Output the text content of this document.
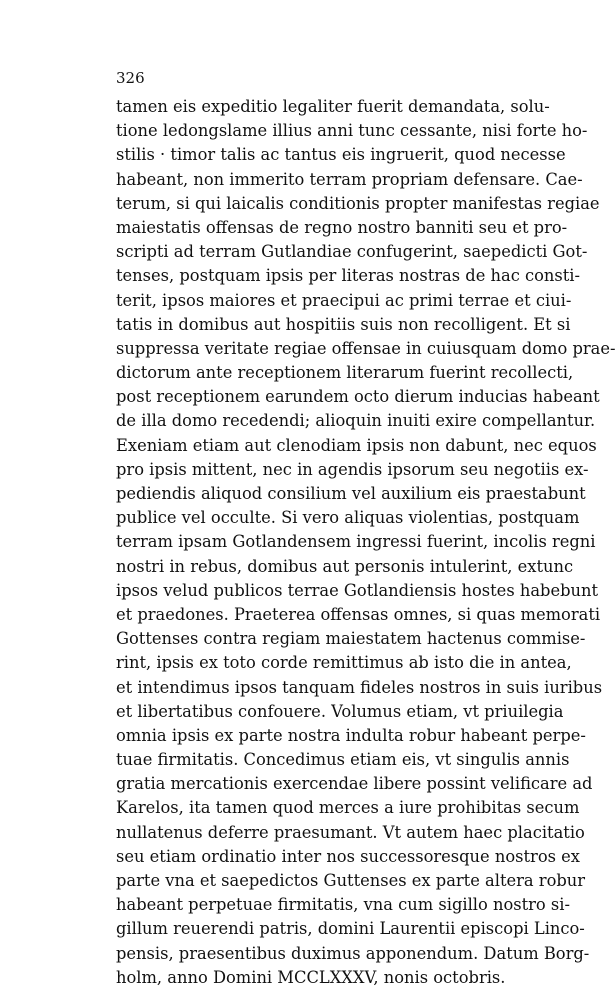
326
tamen eis expeditio legaliter fuerit demandata, solu-
tione ledongslame illius anni tunc cessante, nisi forte ho-
stilis · timor talis ac tantus eis ingruerit, quod necesse
habeant, non immerito terram propriam defensare. Cae-
terum, si qui laicalis conditionis propter manifestas regiae
maiestatis offensas de regno nostro banniti seu et pro-
scripti ad terram Gutlandiae confugerint, saepedicti Got-
tenses, postquam ipsis per literas nostras de hac consti-
terit, ipsos maiores et praecipui ac primi terrae et ciui-
tatis in domibus aut hospitiis suis non recolligent. Et si
suppressa veritate regiae offensae in cuiusquam domo prae-
dictorum ante receptionem literarum fuerint recollecti,
post receptionem earundem octo dierum inducias habeant
de illa domo recedendi; alioquin inuiti exire compellantur.
Exeniam etiam aut clenodiam ipsis non dabunt, nec equos
pro ipsis mittent, nec in agendis ipsorum seu negotiis ex-
pediendis aliquod consilium vel auxilium eis praestabunt
publice vel occulte. Si vero aliquas violentias, postquam
terram ipsam Gotlandensem ingressi fuerint, incolis regni
nostri in rebus, domibus aut personis intulerint, extunc
ipsos velud publicos terrae Gotlandiensis hostes habebunt
et praedones. Praeterea offensas omnes, si quas memorati
Gottenses contra regiam maiestatem hactenus commise-
rint, ipsis ex toto corde remittimus ab isto die in antea,
et intendimus ipsos tanquam fideles nostros in suis iuribus
et libertatibus confouere. Volumus etiam, vt priuilegia
omnia ipsis ex parte nostra indulta robur habeant perpe-
tuae firmitatis. Concedimus etiam eis, vt singulis annis
gratia mercationis exercendae libere possint velificare ad
Karelos, ita tamen quod merces a iure prohibitas secum
nullatenus deferre praesumant. Vt autem haec placitatio
seu etiam ordinatio inter nos successoresque nostros ex
parte vna et saepedictos Guttenses ex parte altera robur
habeant perpetuae firmitatis, vna cum sigillo nostro si-
gillum reuerendi patris, domini Laurentii episcopi Linco-
pensis, praesentibus duximus apponendum. Datum Borg-
holm, anno Domini MCCLXXXV, nonis octobris.
